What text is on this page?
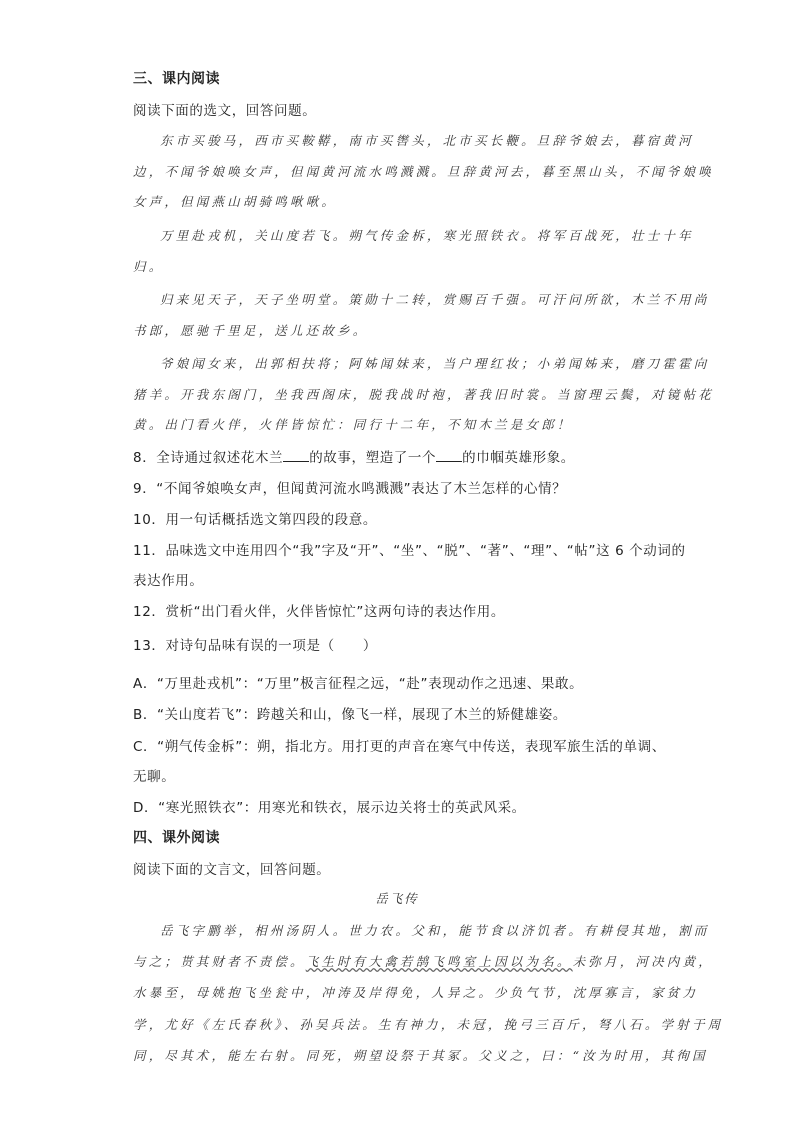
三、课内阅读
阅读下面的选文，回答问题。
东市买骏马，西市买鞍鞯，南市买辔头，北市买长鞭。旦辞爷娘去，暮宿黄河
边，不闻爷娘唤女声，但闻黄河流水鸣溅溅。旦辞黄河去，暮至黑山头，不闻爷娘唤
女声，但闻燕山胡骑鸣啾啾。
万里赴戎机，关山度若飞。朔气传金柝，寒光照铁衣。将军百战死，壮士十年
归。
归来见天子，天子坐明堂。策勋十二转，赏赐百千强。可汗问所欲，木兰不用尚
书郎，愿驰千里足，送儿还故乡。
爷娘闻女来，出郭相扶将；阿姊闻妹来，当户理红妆；小弟闻姊来，磨刀霍霍向
猪羊。开我东阁门，坐我西阁床，脱我战时袍，著我旧时裳。当窗理云鬓，对镜帖花
黄。出门看火伴，火伴皆惊忙：同行十二年，不知木兰是女郎！
8．全诗通过叙述花木兰 的故事，塑造了一个 的巾帼英雄形象。
9．“不闻爷娘唤女声，但闻黄河流水鸣溅溅”表达了木兰怎样的心情？
10．用一句话概括选文第四段的段意。
11．品味选文中连用四个“我”字及“开”、“坐”、“脱”、“著”、“理”、“帖”这 6 个动词的
表达作用。
12．赏析“出门看火伴，火伴皆惊忙”这两句诗的表达作用。
13．对诗句品味有误的一项是（　　）
A．“万里赴戎机”：“万里”极言征程之远，“赴”表现动作之迅速、果敢。
B．“关山度若飞”：跨越关和山，像飞一样，展现了木兰的矫健雄姿。
C．“朔气传金柝”：朔，指北方。用打更的声音在寒气中传送，表现军旅生活的单调、
无聊。
D．“寒光照铁衣”：用寒光和铁衣，展示边关将士的英武风采。
四、课外阅读
阅读下面的文言文，回答问题。
岳飞传
岳飞字鹏举，相州汤阴人。世力农。父和，能节食以济饥者。有耕侵其地，割而
与之；贳其财者不责偿。飞生时有大禽若鹄飞鸣室上因以为名。未弥月，河决内黄，
水暴至，母姚抱飞坐瓮中，冲涛及岸得免，人异之。少负气节，沈厚寡言，家贫力
学，尤好《左氏春秋》、孙吴兵法。生有神力，未冠，挽弓三百斤，弩八石。学射于周
同，尽其术，能左右射。同死，朔望设祭于其冢。父义之，曰：“汝为时用，其徇国
